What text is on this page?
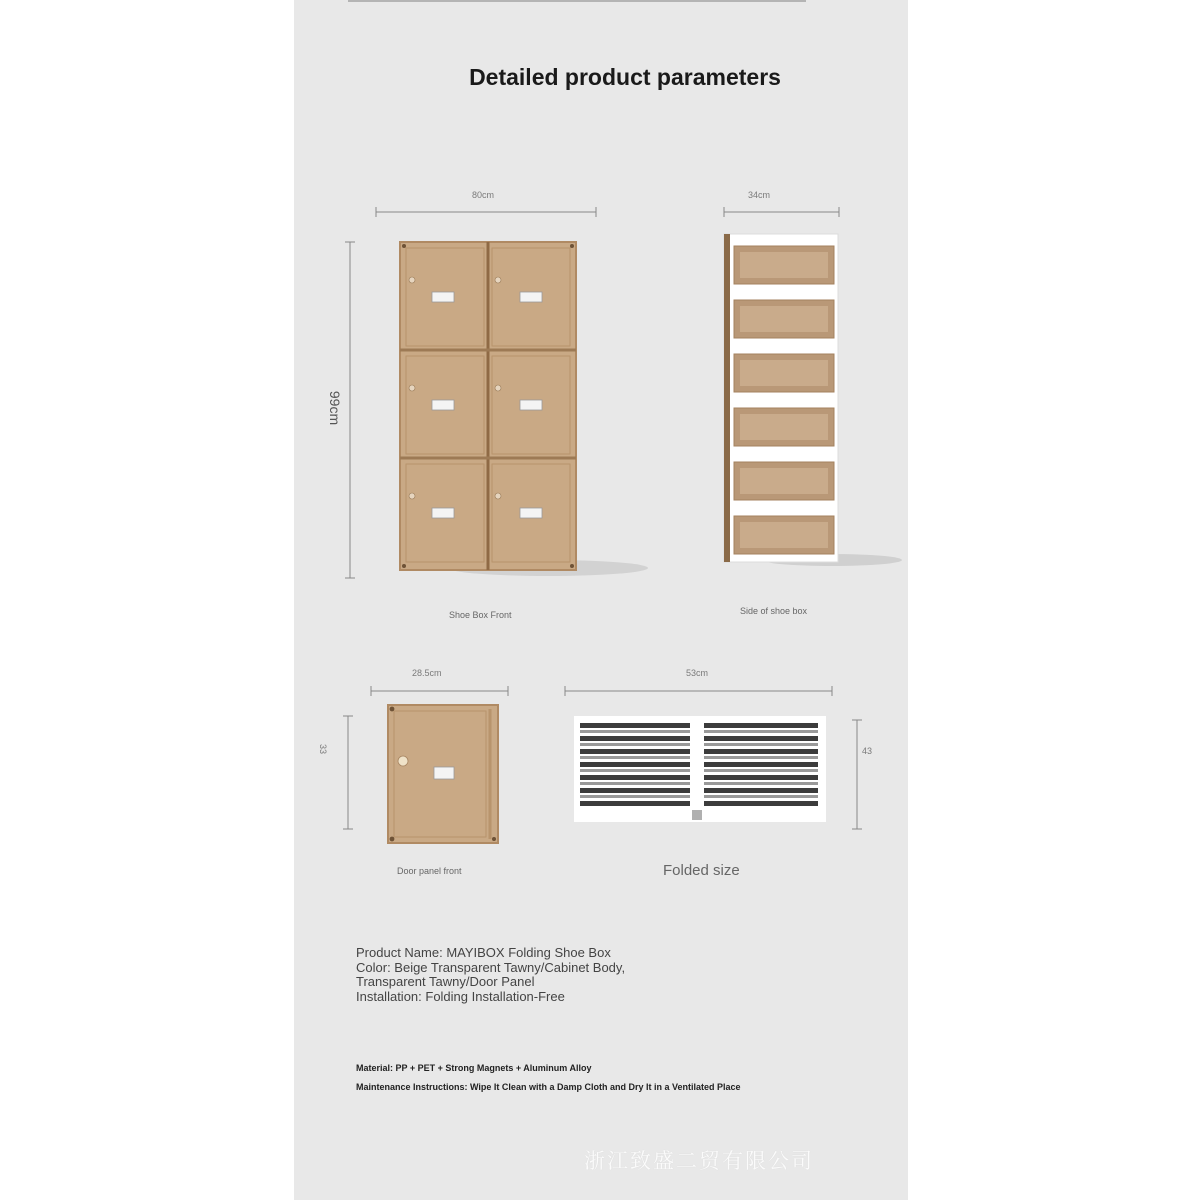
Detailed product parameters
80cm
99cm
Shoe Box Front
34cm
Side of shoe box
28.5cm
33
Door panel front
53cm
43
Folded size
Product Name: MAYIBOX Folding Shoe Box
Color: Beige Transparent Tawny/Cabinet Body,
Transparent Tawny/Door Panel
Installation: Folding Installation-Free
Material: PP + PET + Strong Magnets + Aluminum Alloy
Maintenance Instructions: Wipe It Clean with a Damp Cloth and Dry It in a Ventilated Place
浙江致盛二贸有限公司
